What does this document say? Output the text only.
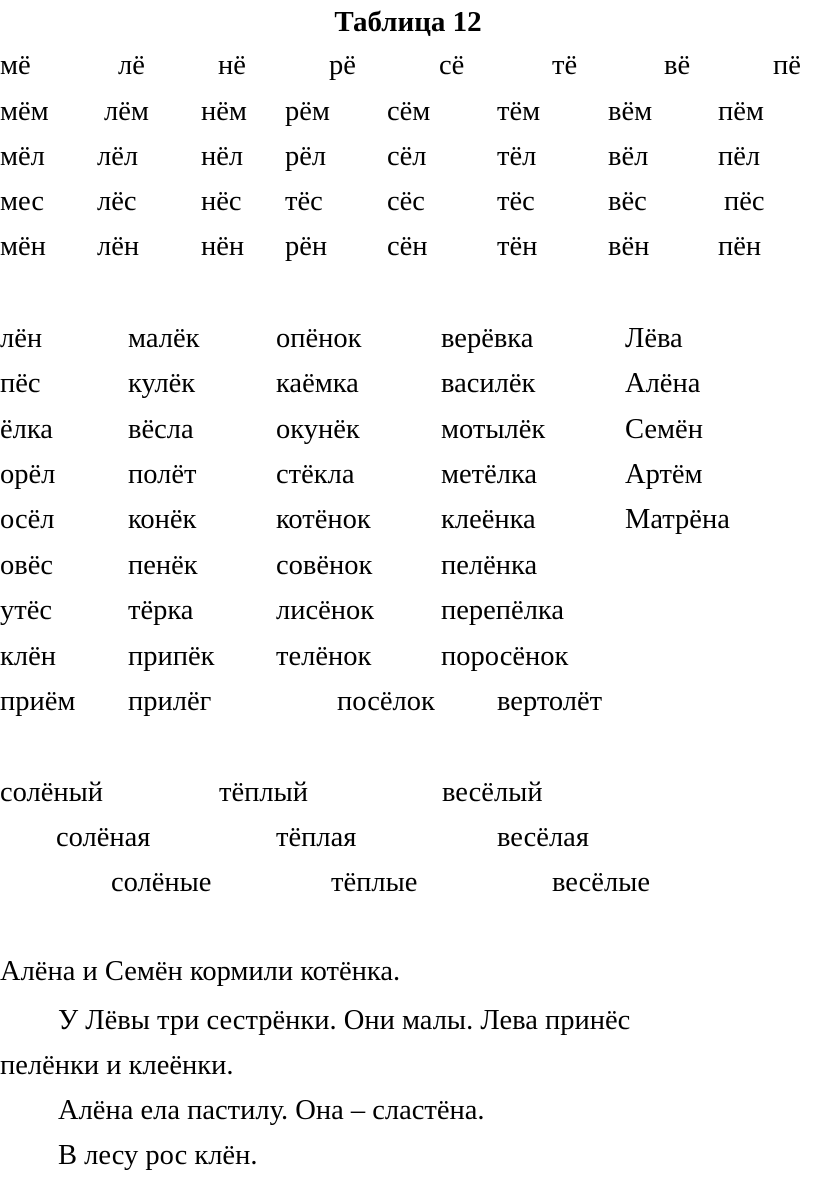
Таблица 12
мё	лё	нё	рё	сё	тё	вё	пё
мём лём нём рём сём тём вём пём
мёл лёл нёл рёл сёл тёл	вёл пёл
мес лёс нёс тёс сёс	тёс	вёс	пёс
мён лён нён рён сён тён вён пён
лён	малёк	опёнок	верёвка	Лёва
пёс	кулёк	каёмка	василёк	Алёна
ёлка	вёсла	окунёк	мотылёк	Семён
орёл	полёт	стёкла	метёлка	Артём
осёл	конёк	котёнок клеёнка	Матрёна
овёс	пенёк	совёнок пелёнка
утёс	тёрка	лисёнок перепёлка
клён	припёк телёнок поросёнок
приём прилёг	посёлок вертолёт
солёный	тёплый	весёлый
солёная	тёплая	весёлая
солёные	тёплые	весёлые
Алёна и Семён кормили котёнка.
У Лёвы три сестрёнки. Они малы. Лева принёс
пелёнки и клеёнки.
Алёна ела пастилу. Она – сластёна.
В лесу рос клён.
